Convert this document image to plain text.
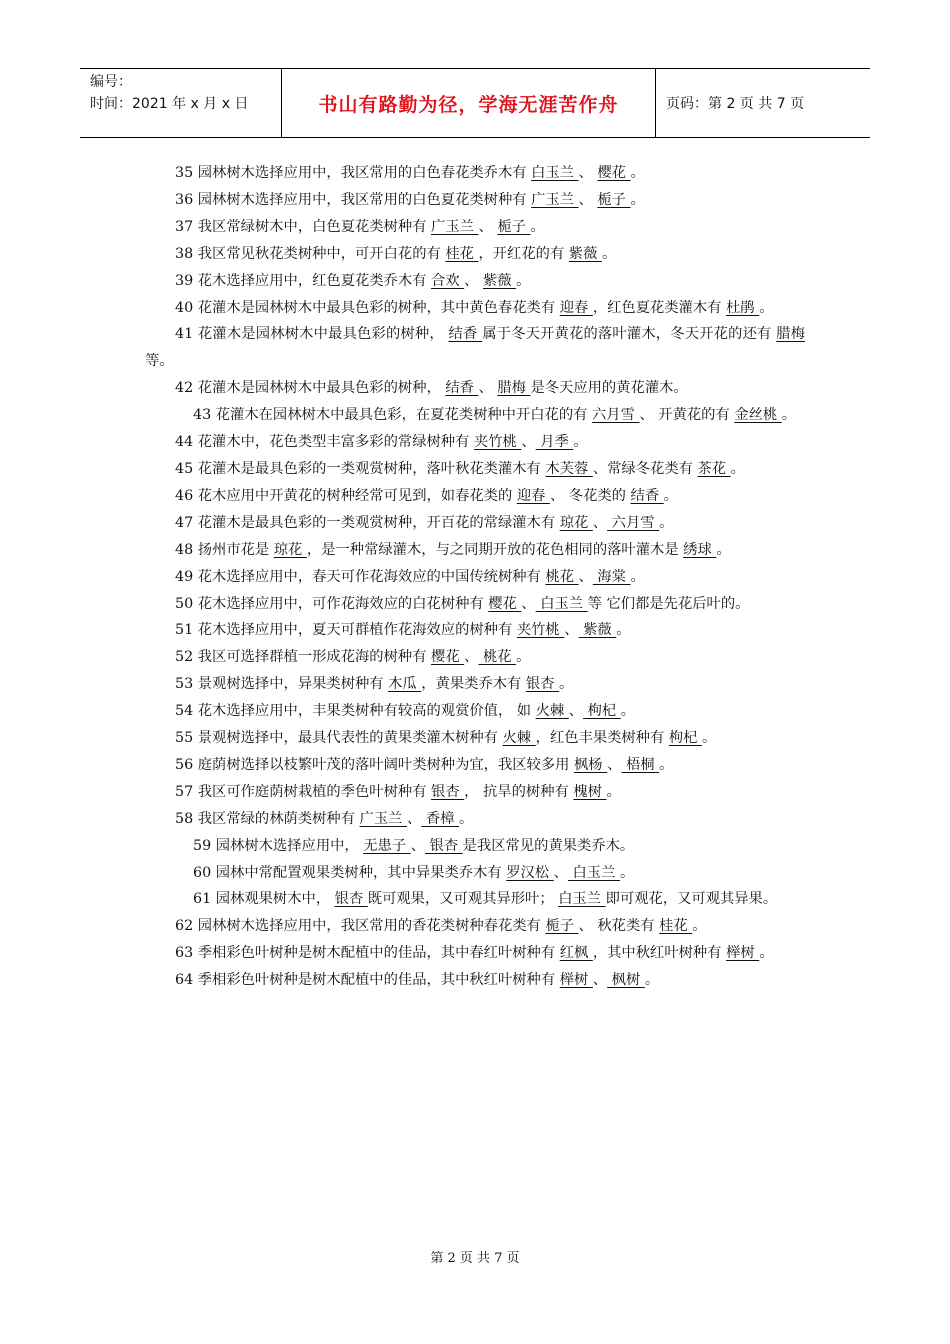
编号：
时间：2021 年 x 月 x 日	书山有路勤为径，学海无涯苦作舟	页码：第 2 页 共 7 页

35 园林树木选择应用中，我区常用的白色春花类乔木有 白玉兰 、 樱花 。

36 园林树木选择应用中，我区常用的白色夏花类树种有 广玉兰 、 栀子 。

37 我区常绿树木中，白色夏花类树种有 广玉兰 、 栀子 。

38 我区常见秋花类树种中，可开白花的有 桂花 ，开红花的有 紫薇 。

39 花木选择应用中，红色夏花类乔木有 合欢 、 紫薇 。

40 花灌木是园林树木中最具色彩的树种，其中黄色春花类有 迎春 ，红色夏花类灌木有 杜鹃 。

41 花灌木是园林树木中最具色彩的树种， 结香 属于冬天开黄花的落叶灌木，冬天开花的还有 腊梅 等。

42 花灌木是园林树木中最具色彩的树种， 结香 、 腊梅 是冬天应用的黄花灌木。

43 花灌木在园林树木中最具色彩，在夏花类树种中开白花的有 六月雪 、 开黄花的有 金丝桃 。

44 花灌木中，花色类型丰富多彩的常绿树种有 夹竹桃 、 月季 。

45 花灌木是最具色彩的一类观赏树种，落叶秋花类灌木有 木芙蓉 、常绿冬花类有 茶花 。

46 花木应用中开黄花的树种经常可见到，如春花类的 迎春 、 冬花类的 结香 。

47 花灌木是最具色彩的一类观赏树种，开百花的常绿灌木有 琼花 、 六月雪 。

48 扬州市花是 琼花 ，是一种常绿灌木，与之同期开放的花色相同的落叶灌木是 绣球 。

49 花木选择应用中，春天可作花海效应的中国传统树种有 桃花 、 海棠 。

50 花木选择应用中，可作花海效应的白花树种有 樱花 、 白玉兰 等 它们都是先花后叶的。

51 花木选择应用中，夏天可群植作花海效应的树种有 夹竹桃 、 紫薇 。

52 我区可选择群植一形成花海的树种有 樱花 、 桃花 。

53 景观树选择中，异果类树种有 木瓜 ，黄果类乔木有 银杏 。

54 花木选择应用中，丰果类树种有较高的观赏价值， 如 火棘 、 枸杞 。

55 景观树选择中，最具代表性的黄果类灌木树种有 火棘 ，红色丰果类树种有 枸杞 。

56 庭荫树选择以枝繁叶茂的落叶阔叶类树种为宜，我区较多用 枫杨 、 梧桐 。

57 我区可作庭荫树栽植的季色叶树种有 银杏 ， 抗旱的树种有 槐树 。

58 我区常绿的林荫类树种有 广玉兰 、 香樟 。

59 园林树木选择应用中， 无患子 、 银杏 是我区常见的黄果类乔木。

60 园林中常配置观果类树种，其中异果类乔木有 罗汉松 、 白玉兰 。

61 园林观果树木中， 银杏 既可观果，又可观其异形叶； 白玉兰 即可观花，又可观其异果。

62 园林树木选择应用中，我区常用的香花类树种春花类有 栀子 、 秋花类有 桂花 。

63 季相彩色叶树种是树木配植中的佳品，其中春红叶树种有 红枫 ，其中秋红叶树种有 榉树 。

64 季相彩色叶树种是树木配植中的佳品，其中秋红叶树种有 榉树 、 枫树 。

第 2 页 共 7 页
